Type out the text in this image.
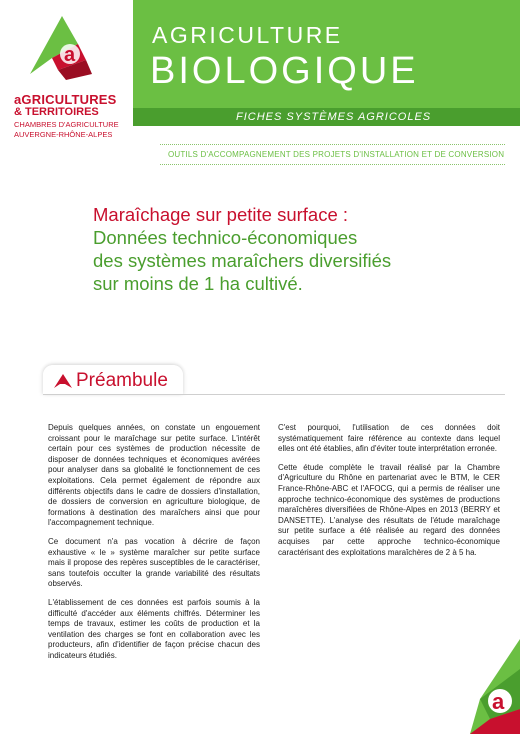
a
aGRICULTURES
& TERRITOIRES
CHAMBRES D'AGRICULTURE
AUVERGNE-RHÔNE-ALPES
AGRICULTURE
BIOLOGIQUE
FICHES SYSTÈMES AGRICOLES
OUTILS D'ACCOMPAGNEMENT DES PROJETS D'INSTALLATION ET DE CONVERSION
Maraîchage sur petite surface :
Données technico-économiques
des systèmes maraîchers diversifiés
sur moins de 1 ha cultivé.
Préambule

Depuis quelques années, on constate un engouement croissant pour le maraîchage sur petite surface. L'intérêt certain pour ces systèmes de production nécessite de disposer de données techniques et économiques avérées pour analyser dans sa globalité le fonctionnement de ces exploitations. Cela permet également de répondre aux différents objectifs dans le cadre de dossiers d'installation, de dossiers de conversion en agriculture biologique, de formations à destination des maraîchers ainsi que pour l'accompagnement technique.

Ce document n'a pas vocation à décrire de façon exhaustive « le » système maraîcher sur petite surface mais il propose des repères susceptibles de le caractériser, sans toutefois occulter la grande variabilité des résultats observés.

L'établissement de ces données est parfois soumis à la difficulté d'accéder aux éléments chiffrés. Déterminer les temps de travaux, estimer les coûts de production et la ventilation des charges se font en collaboration avec les producteurs, afin d'identifier de façon précise chacun des indicateurs étudiés.

C'est pourquoi, l'utilisation de ces données doit systématiquement faire référence au contexte dans lequel elles ont été établies, afin d'éviter toute interprétation erronée.

Cette étude complète le travail réalisé par la Chambre d'Agriculture du Rhône en partenariat avec le BTM, le CER France-Rhône-ABC et l'AFOCG, qui a permis de réaliser une approche technico-économique des systèmes de productions maraîchères diversifiées de Rhône-Alpes en 2013 (BERRY et DANSETTE). L'analyse des résultats de l'étude maraîchage sur petite surface a été réalisée au regard des données acquises par cette approche technico-économique caractérisant des exploitations maraîchères de 2 à 5 ha.

a
